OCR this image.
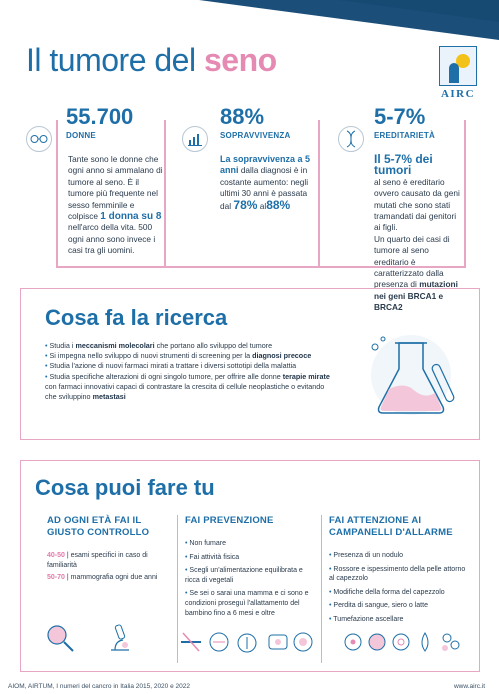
Il tumore del seno
AIRC
55.700
DONNE
Tante sono le donne che ogni anno si ammalano di tumore al seno. È il tumore più frequente nel sesso femminile e colpisce 1 donna su 8 nell'arco della vita. 500 ogni anno sono invece i casi tra gli uomini.
88%
SOPRAVVIVENZA
La sopravvivenza a 5 anni dalla diagnosi è in costante aumento: negli ultimi 30 anni è passata
dal 78% al88%
5-7%
EREDITARIETÀ
Il 5-7% dei tumori
al seno è ereditario ovvero causato da geni mutati che sono stati tramandati dai genitori ai figli.
Un quarto dei casi di tumore al seno ereditario è caratterizzato dalla presenza di mutazioni nei geni BRCA1 e BRCA2
Cosa fa la ricerca
• Studia i meccanismi molecolari che portano allo sviluppo del tumore
• Si impegna nello sviluppo di nuovi strumenti di screening per la diagnosi precoce
• Studia l'azione di nuovi farmaci mirati a trattare i diversi sottotipi della malattia
• Studia specifiche alterazioni di ogni singolo tumore, per offrire alle donne terapie mirate con farmaci innovativi capaci di contrastare la crescita di cellule neoplastiche o evitando che sviluppino metastasi
Cosa puoi fare tu
AD OGNI ETÀ FAI IL GIUSTO CONTROLLO

40-50 | esami specifici in caso di familiarità

50-70 | mammografia ogni due anni

FAI PREVENZIONE
• Non fumare
• Fai attività fisica
• Scegli un'alimentazione equilibrata e ricca di vegetali
• Se sei o sarai una mamma e ci sono e condizioni proseguì l'allattamento del bambino fino a 6 mesi e oltre
FAI ATTENZIONE AI CAMPANELLI D'ALLARME
• Presenza di un nodulo
• Rossore e ispessimento della pelle attorno al capezzolo
• Modifiche della forma del capezzolo
• Perdita di sangue, siero o latte
• Tumefazione ascellare
AIOM, AIRTUM, I numeri del cancro in Italia 2015, 2020 e 2022	www.airc.it
